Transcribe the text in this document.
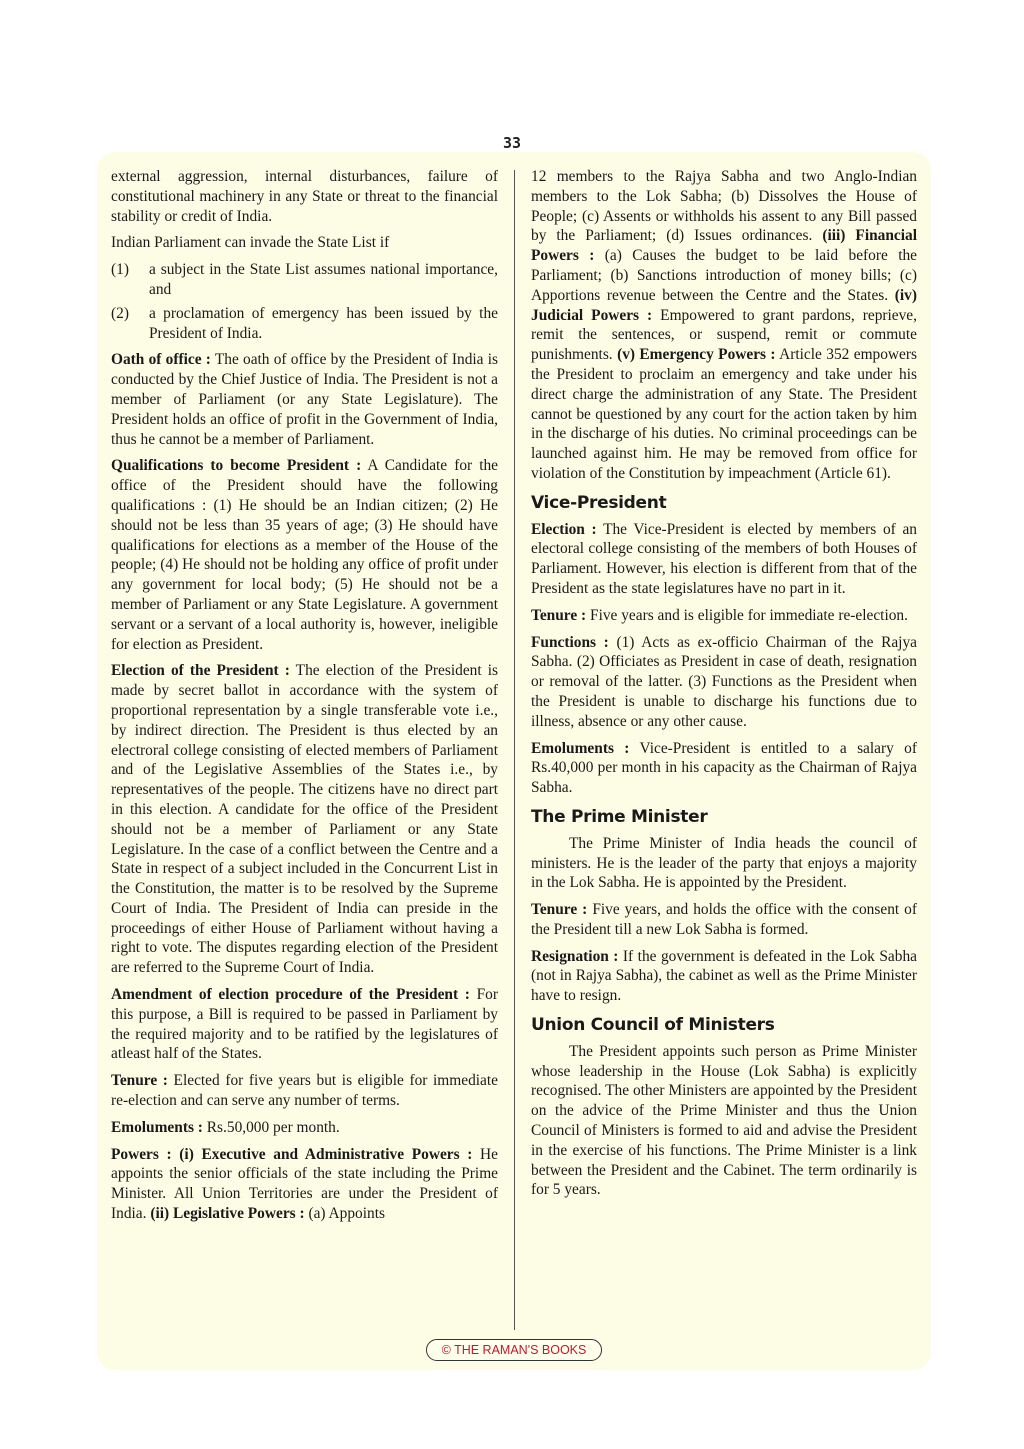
33

external aggression, internal disturbances, failure of constitutional machinery in any State or threat to the financial stability or credit of India.

Indian Parliament can invade the State List if

(1)	a subject in the State List assumes national importance, and
(2)	a proclamation of emergency has been issued by the President of India.

Oath of office : The oath of office by the President of India is conducted by the Chief Justice of India. The President is not a member of Parliament (or any State Legislature). The President holds an office of profit in the Government of India, thus he cannot be a member of Parliament.

Qualifications to become President : A Candidate for the office of the President should have the following qualifications : (1) He should be an Indian citizen; (2) He should not be less than 35 years of age; (3) He should have qualifications for elections as a member of the House of the people; (4) He should not be holding any office of profit under any government for local body; (5) He should not be a member of Parliament or any State Legislature. A government servant or a servant of a local authority is, however, ineligible for election as President.

Election of the President : The election of the President is made by secret ballot in accordance with the system of proportional representation by a single transferable vote i.e., by indirect direction. The President is thus elected by an electroral college consisting of elected members of Parliament and of the Legislative Assemblies of the States i.e., by representatives of the people. The citizens have no direct part in this election. A candidate for the office of the President should not be a member of Parliament or any State Legislature. In the case of a conflict between the Centre and a State in respect of a subject included in the Concurrent List in the Constitution, the matter is to be resolved by the Supreme Court of India. The President of India can preside in the proceedings of either House of Parliament without having a right to vote. The disputes regarding election of the President are referred to the Supreme Court of India.

Amendment of election procedure of the President : For this purpose, a Bill is required to be passed in Parliament by the required majority and to be ratified by the legislatures of atleast half of the States.

Tenure : Elected for five years but is eligible for immediate re-election and can serve any number of terms.

Emoluments : Rs.50,000 per month.

Powers : (i) Executive and Administrative Powers : He appoints the senior officials of the state including the Prime Minister. All Union Territories are under the President of India. (ii) Legislative Powers : (a) Appoints

12 members to the Rajya Sabha and two Anglo-Indian members to the Lok Sabha; (b) Dissolves the House of People; (c) Assents or withholds his assent to any Bill passed by the Parliament; (d) Issues ordinances. (iii) Financial Powers : (a) Causes the budget to be laid before the Parliament; (b) Sanctions introduction of money bills; (c) Apportions revenue between the Centre and the States. (iv) Judicial Powers : Empowered to grant pardons, reprieve, remit the sentences, or suspend, remit or commute punishments. (v) Emergency Powers : Article 352 empowers the President to proclaim an emergency and take under his direct charge the administration of any State. The President cannot be questioned by any court for the action taken by him in the discharge of his duties. No criminal proceedings can be launched against him. He may be removed from office for violation of the Constitution by impeachment (Article 61).

Vice-President

Election : The Vice-President is elected by members of an electoral college consisting of the members of both Houses of Parliament. However, his election is different from that of the President as the state legislatures have no part in it.

Tenure : Five years and is eligible for immediate re-election.

Functions : (1) Acts as ex-officio Chairman of the Rajya Sabha. (2) Officiates as President in case of death, resignation or removal of the latter. (3) Functions as the President when the President is unable to discharge his functions due to illness, absence or any other cause.

Emoluments : Vice-President is entitled to a salary of Rs.40,000 per month in his capacity as the Chairman of Rajya Sabha.

The Prime Minister

The Prime Minister of India heads the council of ministers. He is the leader of the party that enjoys a majority in the Lok Sabha. He is appointed by the President.

Tenure : Five years, and holds the office with the consent of the President till a new Lok Sabha is formed.

Resignation : If the government is defeated in the Lok Sabha (not in Rajya Sabha), the cabinet as well as the Prime Minister have to resign.

Union Council of Ministers

The President appoints such person as Prime Minister whose leadership in the House (Lok Sabha) is explicitly recognised. The other Ministers are appointed by the President on the advice of the Prime Minister and thus the Union Council of Ministers is formed to aid and advise the President in the exercise of his functions. The Prime Minister is a link between the President and the Cabinet. The term ordinarily is for 5 years.

© THE RAMAN'S BOOKS
